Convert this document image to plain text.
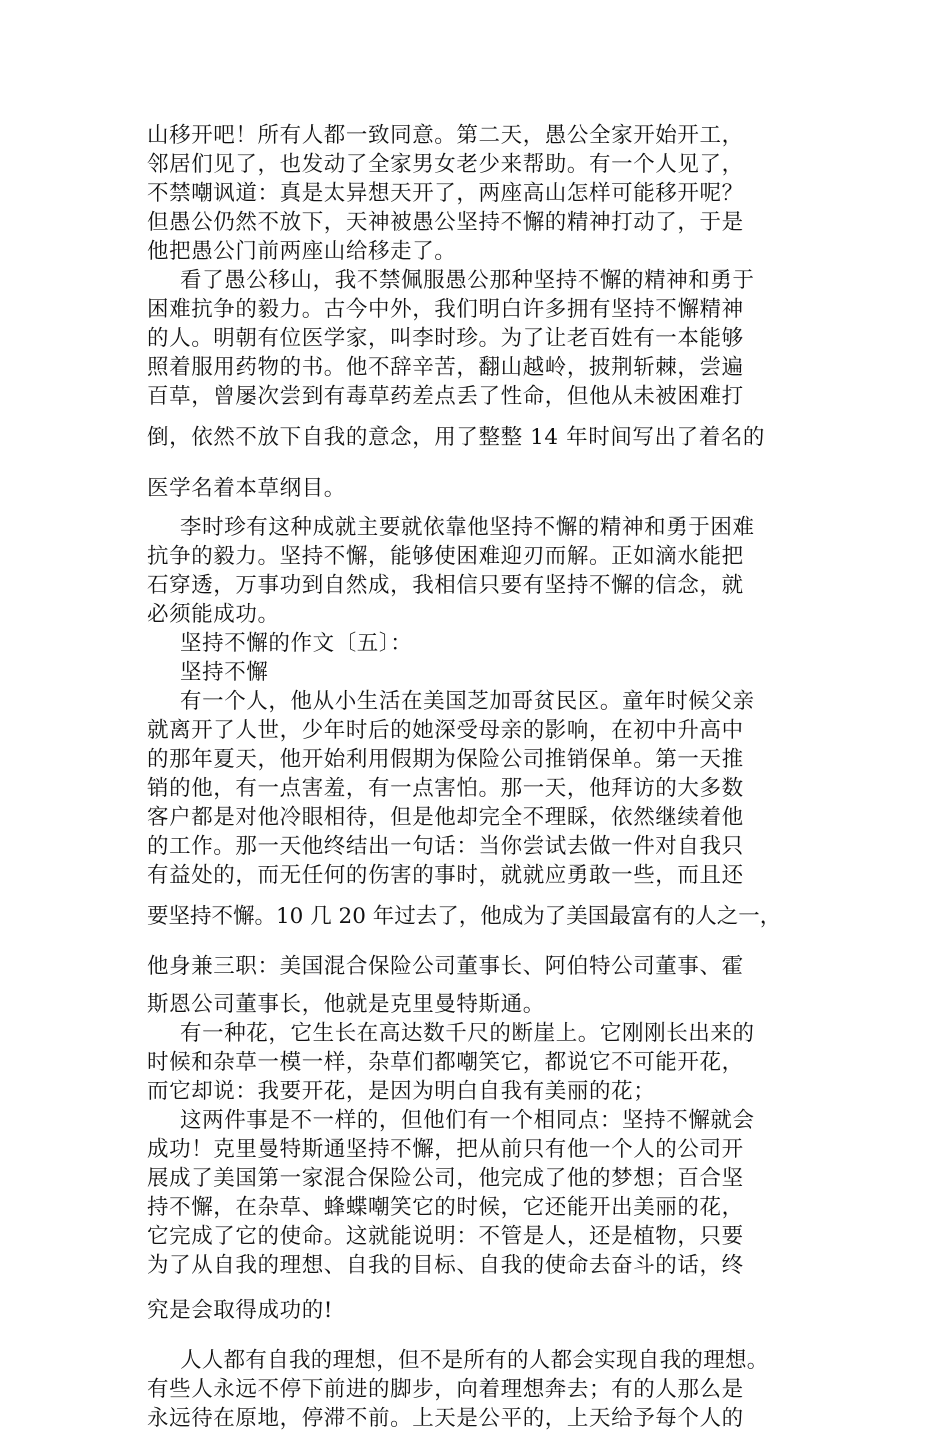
山移开吧！所有人都一致同意。第二天，愚公全家开始开工，

邻居们见了，也发动了全家男女老少来帮助。有一个人见了，

不禁嘲讽道：真是太异想天开了，两座高山怎样可能移开呢？

但愚公仍然不放下，天神被愚公坚持不懈的精神打动了，于是

他把愚公门前两座山给移走了。

看了愚公移山，我不禁佩服愚公那种坚持不懈的精神和勇于

困难抗争的毅力。古今中外，我们明白许多拥有坚持不懈精神

的人。明朝有位医学家，叫李时珍。为了让老百姓有一本能够

照着服用药物的书。他不辞辛苦，翻山越岭，披荆斩棘，尝遍

百草，曾屡次尝到有毒草药差点丢了性命，但他从未被困难打

倒，依然不放下自我的意念，用了整整 14 年时间写出了着名的

医学名着本草纲目。

李时珍有这种成就主要就依靠他坚持不懈的精神和勇于困难

抗争的毅力。坚持不懈，能够使困难迎刃而解。正如滴水能把

石穿透，万事功到自然成，我相信只要有坚持不懈的信念，就

必须能成功。

坚持不懈的作文〔五〕：

坚持不懈

有一个人，他从小生活在美国芝加哥贫民区。童年时候父亲

就离开了人世，少年时后的她深受母亲的影响，在初中升高中

的那年夏天，他开始利用假期为保险公司推销保单。第一天推

销的他，有一点害羞，有一点害怕。那一天，他拜访的大多数

客户都是对他冷眼相待，但是他却完全不理睬，依然继续着他

的工作。那一天他终结出一句话：当你尝试去做一件对自我只

有益处的，而无任何的伤害的事时，就就应勇敢一些，而且还

要坚持不懈。10 几 20 年过去了，他成为了美国最富有的人之一，

他身兼三职：美国混合保险公司董事长、阿伯特公司董事、霍

斯恩公司董事长，他就是克里曼特斯通。

有一种花，它生长在高达数千尺的断崖上。它刚刚长出来的

时候和杂草一模一样，杂草们都嘲笑它，都说它不可能开花，

而它却说：我要开花，是因为明白自我有美丽的花；

这两件事是不一样的，但他们有一个相同点：坚持不懈就会

成功！克里曼特斯通坚持不懈，把从前只有他一个人的公司开

展成了美国第一家混合保险公司，他完成了他的梦想；百合坚

持不懈，在杂草、蜂蝶嘲笑它的时候，它还能开出美丽的花，

它完成了它的使命。这就能说明：不管是人，还是植物，只要

为了从自我的理想、自我的目标、自我的使命去奋斗的话，终

究是会取得成功的!

人人都有自我的理想，但不是所有的人都会实现自我的理想。

有些人永远不停下前进的脚步，向着理想奔去；有的人那么是

永远待在原地，停滞不前。上天是公平的，上天给予每个人的
